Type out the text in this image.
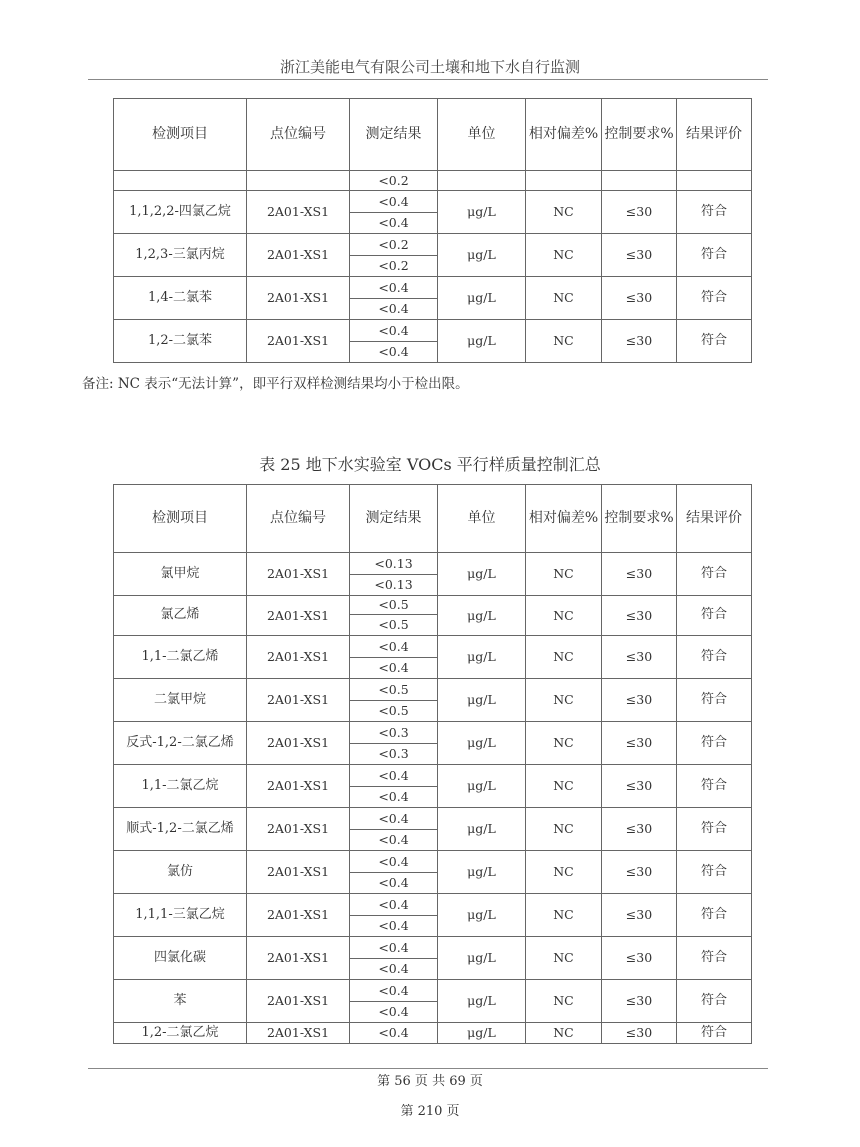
浙江美能电气有限公司土壤和地下水自行监测
检测项目	点位编号	测定结果	单位	相对偏差%	控制要求%	结果评价
		<0.2				
1,1,2,2-四氯乙烷	2A01-XS1	<0.4	μg/L	NC	≤30	符合
		<0.4				
1,2,3-三氯丙烷	2A01-XS1	<0.2	μg/L	NC	≤30	符合
		<0.2				
1,4-二氯苯	2A01-XS1	<0.4	μg/L	NC	≤30	符合
		<0.4				
1,2-二氯苯	2A01-XS1	<0.4	μg/L	NC	≤30	符合
		<0.4				
备注: NC 表示“无法计算”，即平行双样检测结果均小于检出限。
表 25 地下水实验室 VOCs 平行样质量控制汇总
检测项目	点位编号	测定结果	单位	相对偏差%	控制要求%	结果评价
氯甲烷	2A01-XS1	<0.13	μg/L	NC	≤30	符合
		<0.13				
氯乙烯	2A01-XS1	<0.5	μg/L	NC	≤30	符合
		<0.5				
1,1-二氯乙烯	2A01-XS1	<0.4	μg/L	NC	≤30	符合
		<0.4				
二氯甲烷	2A01-XS1	<0.5	μg/L	NC	≤30	符合
		<0.5				
反式-1,2-二氯乙烯	2A01-XS1	<0.3	μg/L	NC	≤30	符合
		<0.3				
1,1-二氯乙烷	2A01-XS1	<0.4	μg/L	NC	≤30	符合
		<0.4				
顺式-1,2-二氯乙烯	2A01-XS1	<0.4	μg/L	NC	≤30	符合
		<0.4				
氯仿	2A01-XS1	<0.4	μg/L	NC	≤30	符合
		<0.4				
1,1,1-三氯乙烷	2A01-XS1	<0.4	μg/L	NC	≤30	符合
		<0.4				
四氯化碳	2A01-XS1	<0.4	μg/L	NC	≤30	符合
		<0.4				
苯	2A01-XS1	<0.4	μg/L	NC	≤30	符合
		<0.4				
1,2-二氯乙烷	2A01-XS1	<0.4	μg/L	NC	≤30	符合
第 56 页 共 69 页
第 210 页
